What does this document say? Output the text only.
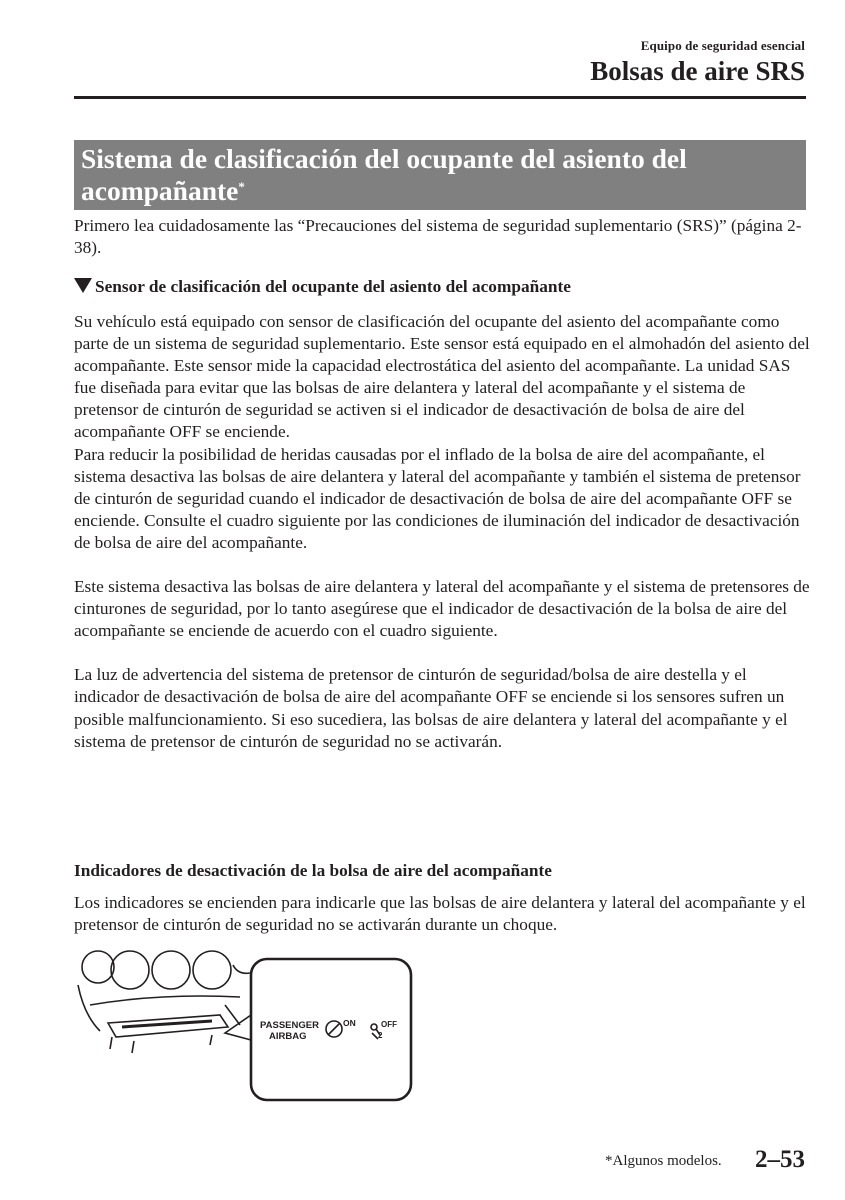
Equipo de seguridad esencial
Bolsas de aire SRS
Sistema de clasificación del ocupante del asiento del
acompañante*

Primero lea cuidadosamente las “Precauciones del sistema de seguridad suplementario (SRS)” (página 2-38).

Sensor de clasificación del ocupante del asiento del acompañante

Su vehículo está equipado con sensor de clasificación del ocupante del asiento del acompañante como parte de un sistema de seguridad suplementario. Este sensor está equipado en el almohadón del asiento del acompañante. Este sensor mide la capacidad electrostática del asiento del acompañante. La unidad SAS fue diseñada para evitar que las bolsas de aire delantera y lateral del acompañante y el sistema de pretensor de cinturón de seguridad se activen si el indicador de desactivación de bolsa de aire del acompañante OFF se enciende.

Para reducir la posibilidad de heridas causadas por el inflado de la bolsa de aire del acompañante, el sistema desactiva las bolsas de aire delantera y lateral del acompañante y también el sistema de pretensor de cinturón de seguridad cuando el indicador de desactivación de bolsa de aire del acompañante OFF se enciende. Consulte el cuadro siguiente por las condiciones de iluminación del indicador de desactivación de bolsa de aire del acompañante.

Este sistema desactiva las bolsas de aire delantera y lateral del acompañante y el sistema de pretensores de cinturones de seguridad, por lo tanto asegúrese que el indicador de desactivación de la bolsa de aire del acompañante se enciende de acuerdo con el cuadro siguiente.

La luz de advertencia del sistema de pretensor de cinturón de seguridad/bolsa de aire destella y el indicador de desactivación de bolsa de aire del acompañante OFF se enciende si los sensores sufren un posible malfuncionamiento. Si eso sucediera, las bolsas de aire delantera y lateral del acompañante y el sistema de pretensor de cinturón de seguridad no se activarán.

Indicadores de desactivación de la bolsa de aire del acompañante

Los indicadores se encienden para indicarle que las bolsas de aire delantera y lateral del acompañante y el pretensor de cinturón de seguridad no se activarán durante un choque.

PASSENGER
AIRBAG
ON	OFF
2
*Algunos modelos. 2–53
